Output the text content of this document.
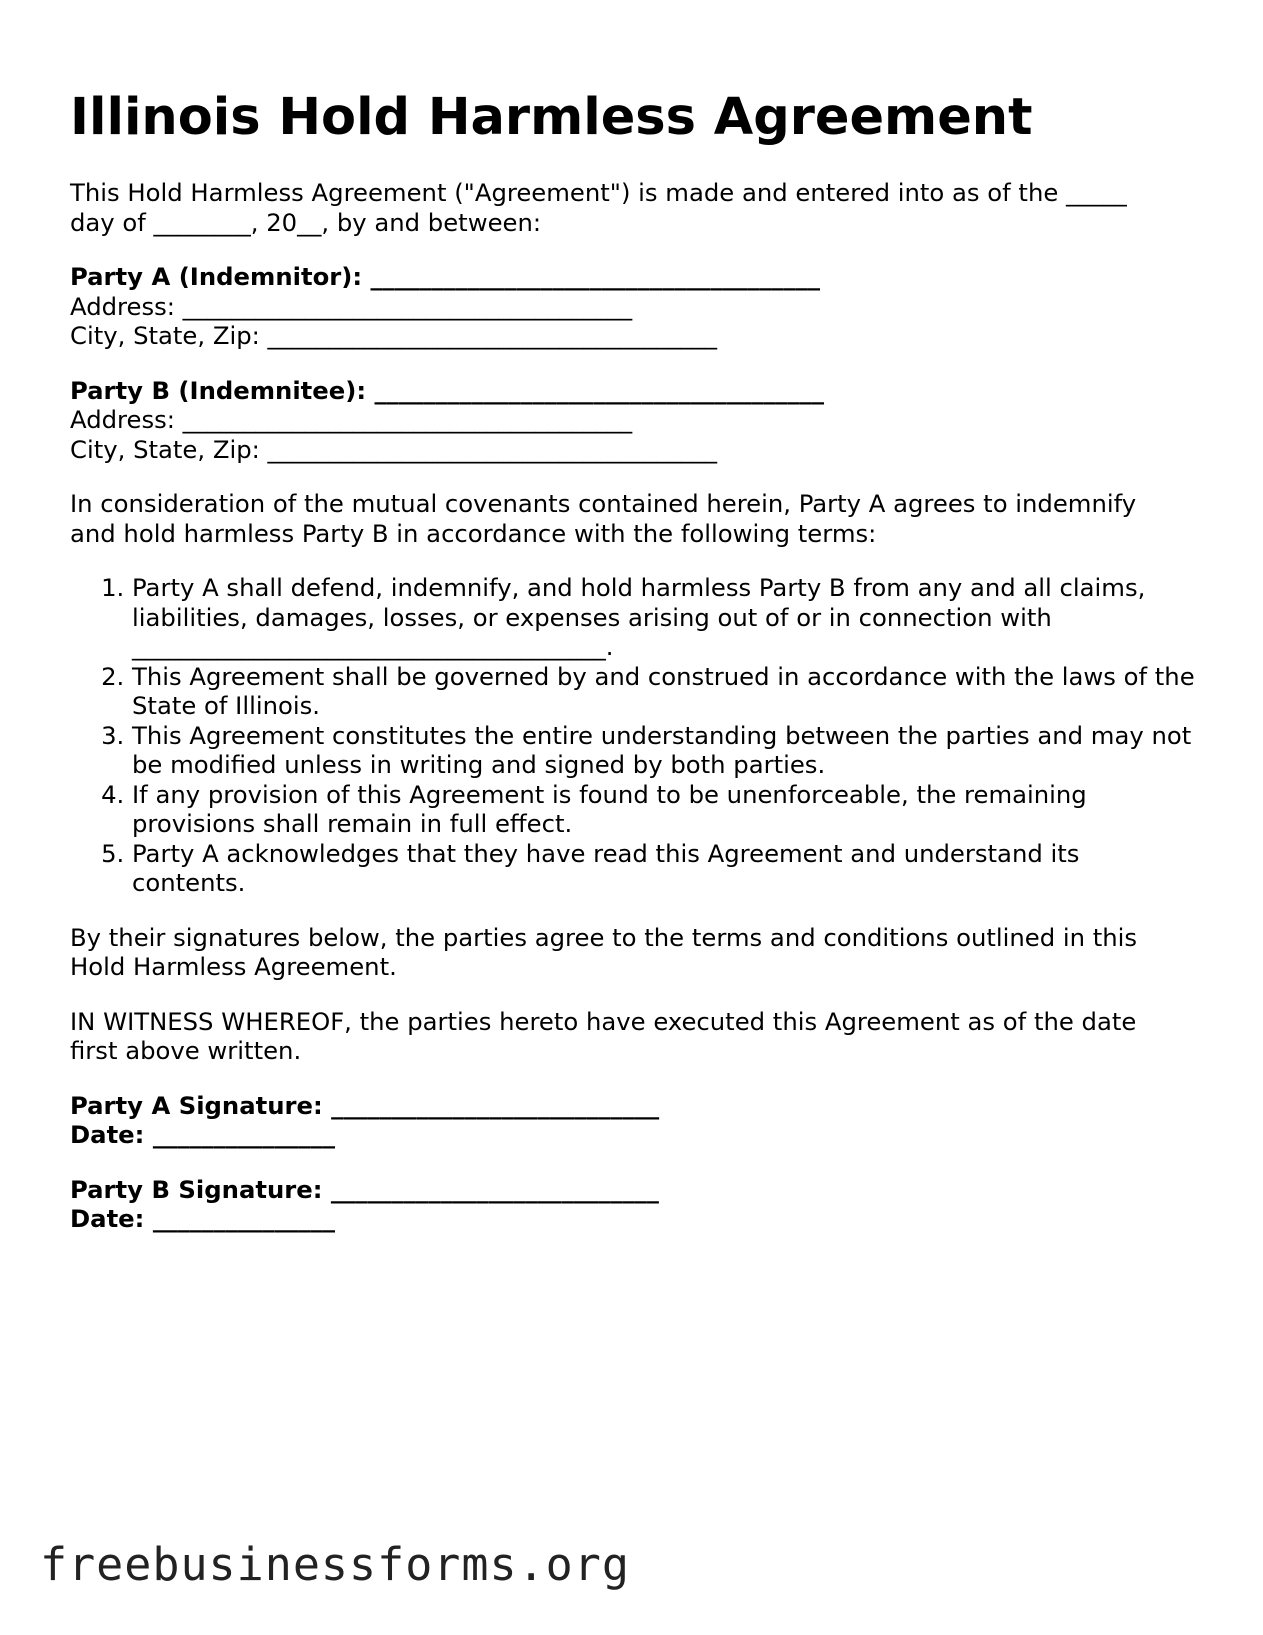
Illinois Hold Harmless Agreement

This Hold Harmless Agreement ("Agreement") is made and entered into as of the _____
day of ________, 20__, by and between:

Party A (Indemnitor): _____________________________________
Address: _____________________________________
City, State, Zip: _____________________________________

Party B (Indemnitee): _____________________________________
Address: _____________________________________
City, State, Zip: _____________________________________

In consideration of the mutual covenants contained herein, Party A agrees to indemnify
and hold harmless Party B in accordance with the following terms:

1. Party A shall defend, indemnify, and hold harmless Party B from any and all claims, liabilities, damages, losses, or expenses arising out of or in connection with _______________________________________.
2. This Agreement shall be governed by and construed in accordance with the laws of the State of Illinois.
3. This Agreement constitutes the entire understanding between the parties and may not be modified unless in writing and signed by both parties.
4. If any provision of this Agreement is found to be unenforceable, the remaining provisions shall remain in full effect.
5. Party A acknowledges that they have read this Agreement and understand its contents.

By their signatures below, the parties agree to the terms and conditions outlined in this
Hold Harmless Agreement.

IN WITNESS WHEREOF, the parties hereto have executed this Agreement as of the date
first above written.

Party A Signature: ___________________________
Date: _______________

Party B Signature: ___________________________
Date: _______________

freebusinessforms.org
